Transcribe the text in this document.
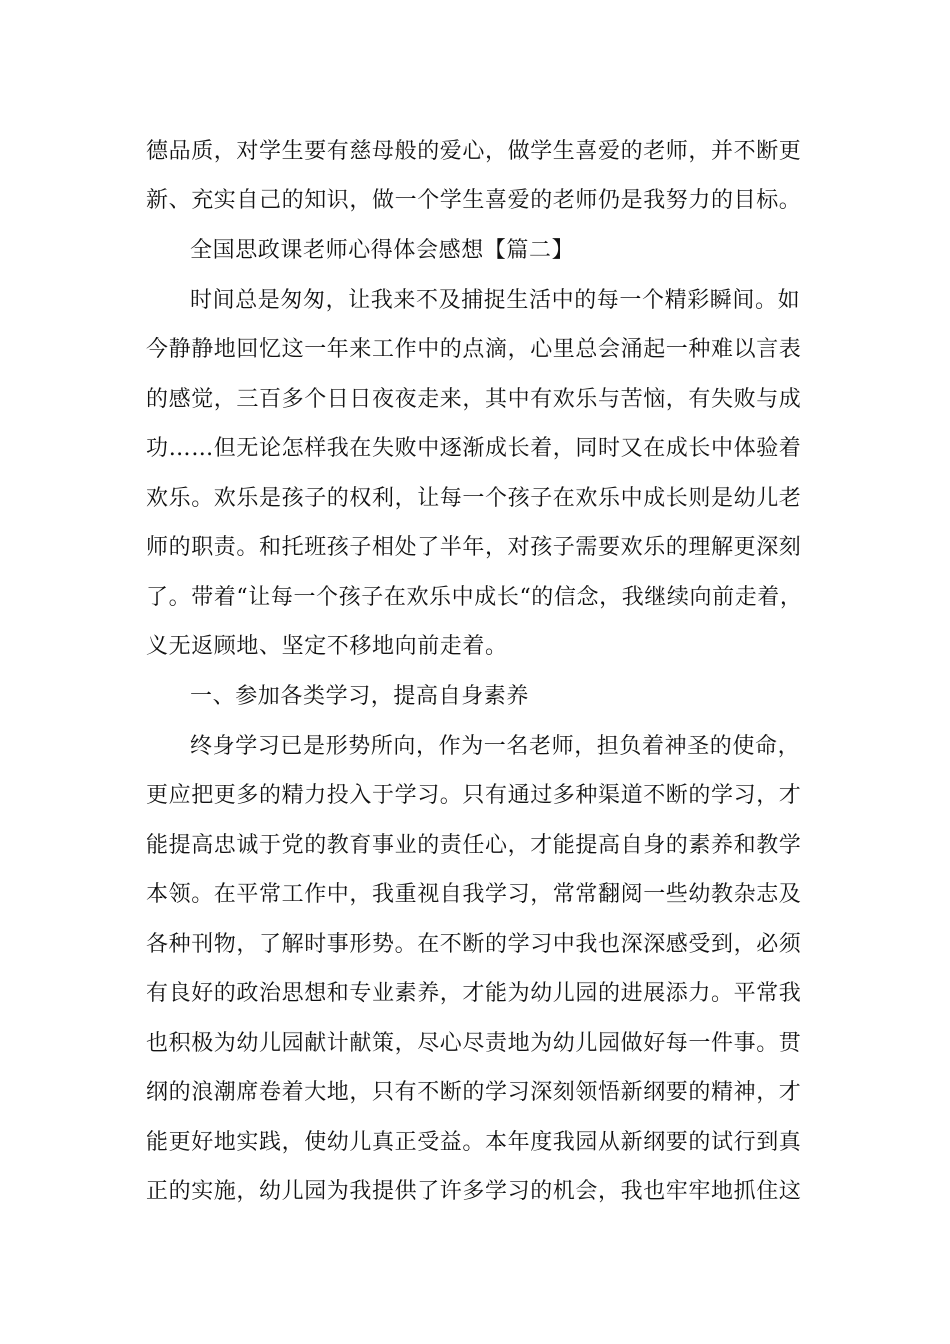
德品质，对学生要有慈母般的爱心，做学生喜爱的老师，并不断更
新、充实自己的知识，做一个学生喜爱的老师仍是我努力的目标。
全国思政课老师心得体会感想【篇二】
时间总是匆匆，让我来不及捕捉生活中的每一个精彩瞬间。如
今静静地回忆这一年来工作中的点滴，心里总会涌起一种难以言表
的感觉，三百多个日日夜夜走来，其中有欢乐与苦恼，有失败与成
功……但无论怎样我在失败中逐渐成长着，同时又在成长中体验着
欢乐。欢乐是孩子的权利，让每一个孩子在欢乐中成长则是幼儿老
师的职责。和托班孩子相处了半年，对孩子需要欢乐的理解更深刻
了。带着“让每一个孩子在欢乐中成长“的信念，我继续向前走着，
义无返顾地、坚定不移地向前走着。
一、参加各类学习，提高自身素养
终身学习已是形势所向，作为一名老师，担负着神圣的使命，
更应把更多的精力投入于学习。只有通过多种渠道不断的学习，才
能提高忠诚于党的教育事业的责任心，才能提高自身的素养和教学
本领。在平常工作中，我重视自我学习，常常翻阅一些幼教杂志及
各种刊物，了解时事形势。在不断的学习中我也深深感受到，必须
有良好的政治思想和专业素养，才能为幼儿园的进展添力。平常我
也积极为幼儿园献计献策，尽心尽责地为幼儿园做好每一件事。贯
纲的浪潮席卷着大地，只有不断的学习深刻领悟新纲要的精神，才
能更好地实践，使幼儿真正受益。本年度我园从新纲要的试行到真
正的实施，幼儿园为我提供了许多学习的机会，我也牢牢地抓住这
